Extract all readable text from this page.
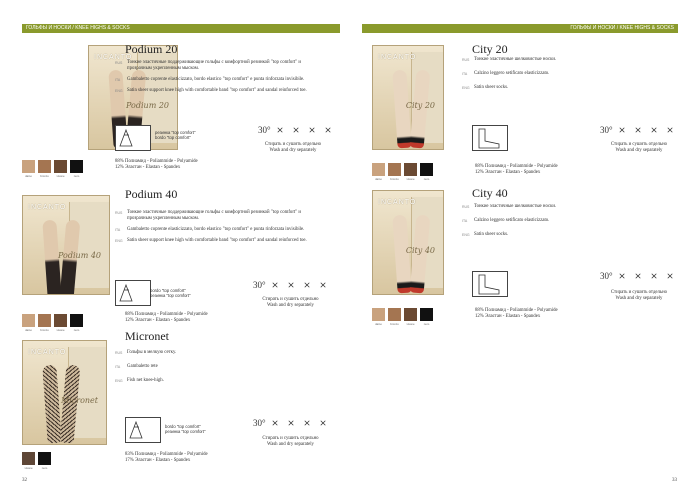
ГОЛЬФЫ И НОСКИ / KNEE HIGHS & SOCKS	ГОЛЬФЫ И НОСКИ / KNEE HIGHS & SOCKS
INCANTO
Podium 20
Podium 20
RUS Тонкие эластичные поддерживающие гольфы с комфортной резинкой "top comfort" и прозрачным укрепленным мыском.
ITA Gambaletto coprente elasticizzato, bordo elastico "top comfort" e punta rinforzata invisibile.
ENG Satin sheer support knee high with comfortable band "top comfort" and sandal reinforced toe.
резинка "top comfort"
bordo "top comfort"
30° ⨯ ⨯ ⨯ ⨯
Стирать и сушить отдельно
Wash and dry separately
88% Полиамид - Poliammide - Polyamide
12% Эластан - Elastan - Spandex
daino	bronzo	visone	nero
INCANTO
Podium 40
Podium 40
RUS Тонкие эластичные поддерживающие гольфы с комфортной резинкой "top comfort" и прозрачным укрепленным мыском.
ITA Gambaletto coprente elasticizzato, bordo elastico "top comfort" e punta rinforzata invisibile.
ENG Satin sheer support knee high with comfortable band "top comfort" and sandal reinforced toe.
bordo "top comfort"
резинка "top comfort"
30° ⨯ ⨯ ⨯ ⨯
Стирать и сушить отдельно
Wash and dry separately
88% Полиамид - Poliammide - Polyamide
12% Эластан - Elastan - Spandex
daino	bronzo	visone	nero
INCANTO
Micronet
Micronet
RUS Гольфы в мелкую сетку.
ITA Gambaletto rete
ENG Fish net knee-high.
bordo "top comfort"
резинка "top comfort"
30° ⨯ ⨯ ⨯ ⨯
Стирать и сушить отдельно
Wash and dry separately
83% Полиамид - Poliammide - Polyamide
17% Эластан - Elastan - Spandex
visone	nero
INCANTO
City 20
City 20
RUS Тонкие эластичные шелковистые носки.
ITA Calzino leggero setificato elasticizzato.
ENG Satin sheer socks.
30° ⨯ ⨯ ⨯ ⨯
Стирать и сушить отдельно
Wash and dry separately
88% Полиамид - Poliammide - Polyamide
12% Эластан - Elastan - Spandex
daino	bronzo	visone	nero
INCANTO
City 40
City 40
RUS Тонкие эластичные шелковистые носки.
ITA Calzino leggero setificato elasticizzato.
ENG Satin sheer socks.
30° ⨯ ⨯ ⨯ ⨯
Стирать и сушить отдельно
Wash and dry separately
88% Полиамид - Poliammide - Polyamide
12% Эластан - Elastan - Spandex
daino	bronzo	visone	nero
32	33
